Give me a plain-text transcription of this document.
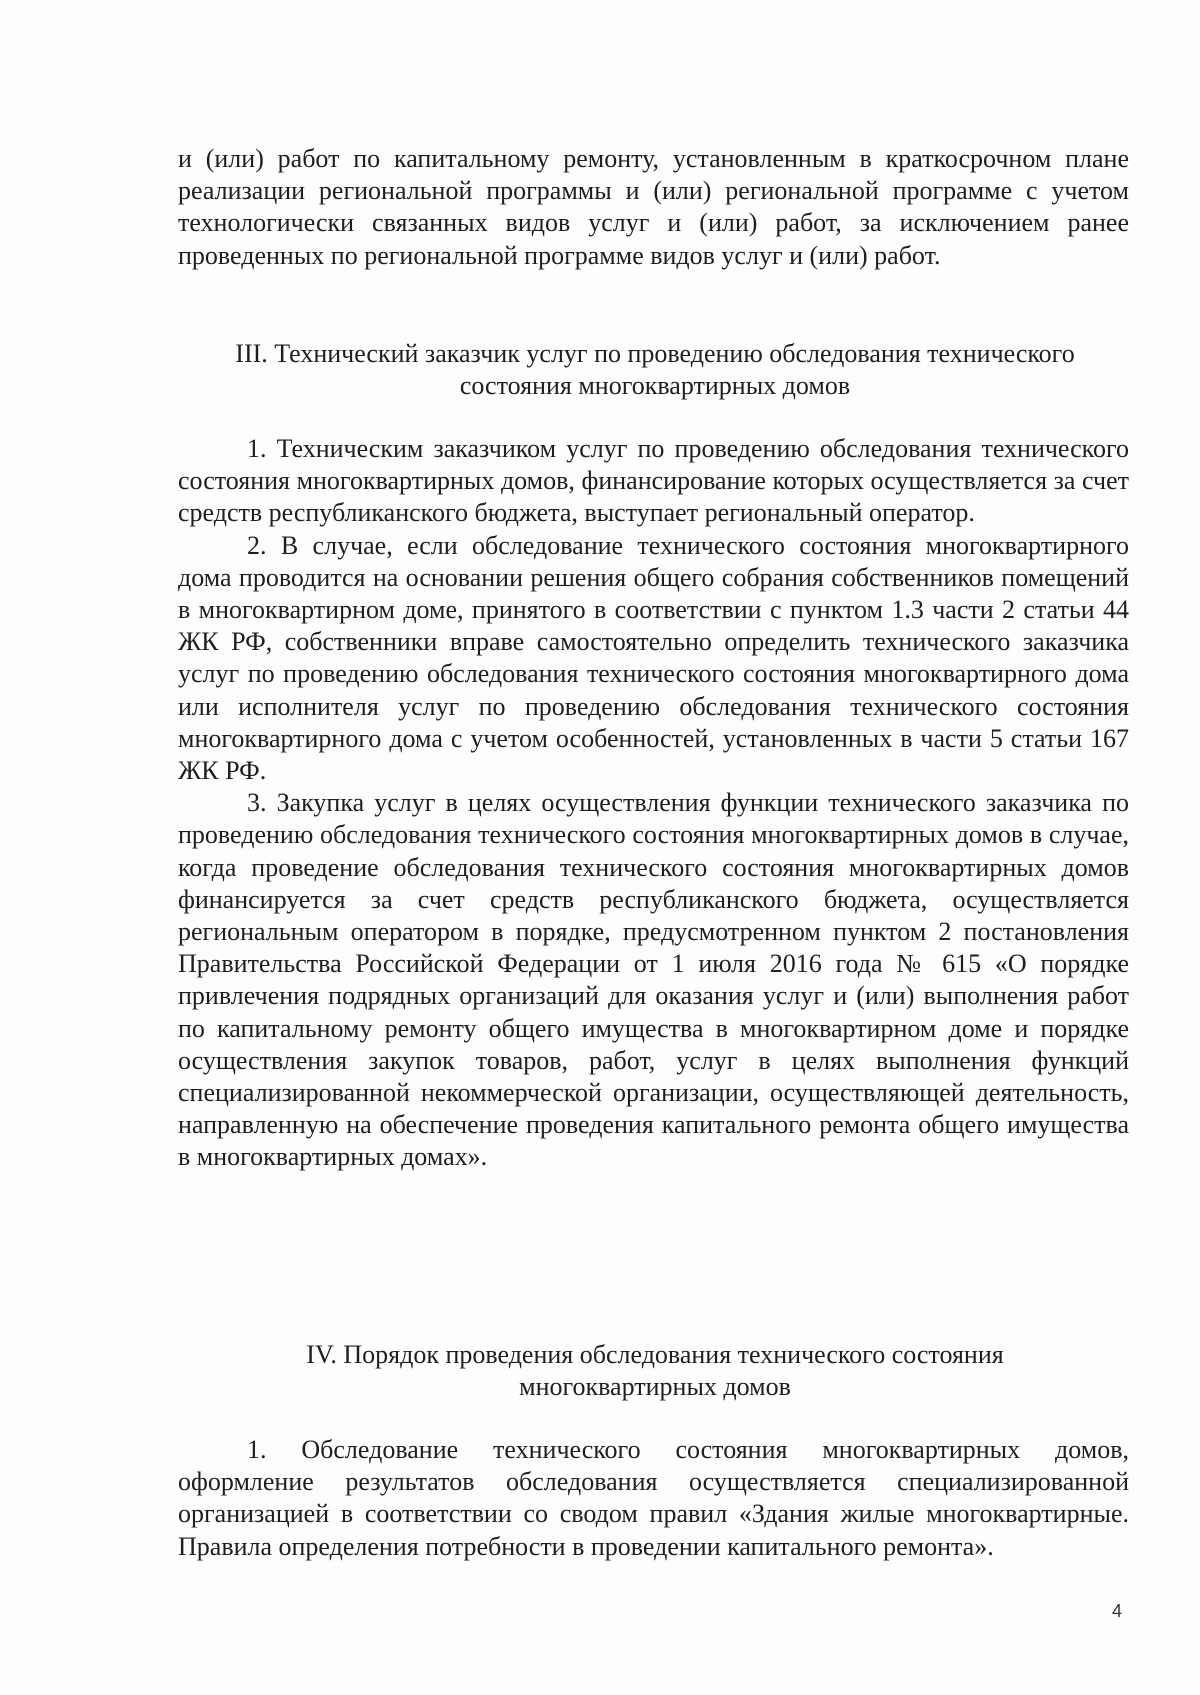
и (или) работ по капитальному ремонту, установленным в краткосрочном плане реализации региональной программы и (или) региональной программе с учетом технологически связанных видов услуг и (или) работ, за исключением ранее проведенных по региональной программе видов услуг и (или) работ.

III. Технический заказчик услуг по проведению обследования технического
состояния многоквартирных домов

1. Техническим заказчиком услуг по проведению обследования технического состояния многоквартирных домов, финансирование которых осуществляется за счет средств республиканского бюджета, выступает региональный оператор.

2. В случае, если обследование технического состояния многоквартирного дома проводится на основании решения общего собрания собственников помещений в многоквартирном доме, принятого в соответствии с пунктом 1.3 части 2 статьи 44 ЖК РФ, собственники вправе самостоятельно определить технического заказчика услуг по проведению обследования технического состояния многоквартирного дома или исполнителя услуг по проведению обследования технического состояния многоквартирного дома с учетом особенностей, установленных в части 5 статьи 167 ЖК РФ.

3. Закупка услуг в целях осуществления функции технического заказчика по проведению обследования технического состояния многоквартирных домов в случае, когда проведение обследования технического состояния многоквартирных домов финансируется за счет средств республиканского бюджета, осуществляется региональным оператором в порядке, предусмотренном пунктом 2 постановления Правительства Российской Федерации от 1 июля 2016 года № 615 «О порядке привлечения подрядных организаций для оказания услуг и (или) выполнения работ по капитальному ремонту общего имущества в многоквартирном доме и порядке осуществления закупок товаров, работ, услуг в целях выполнения функций специализированной некоммерческой организации, осуществляющей деятельность, направленную на обеспечение проведения капитального ремонта общего имущества в многоквартирных домах».

IV. Порядок проведения обследования технического состояния
многоквартирных домов

1. Обследование технического состояния многоквартирных домов, оформление результатов обследования осуществляется специализированной организацией в соответствии со сводом правил «Здания жилые многоквартирные. Правила определения потребности в проведении капитального ремонта».

4
